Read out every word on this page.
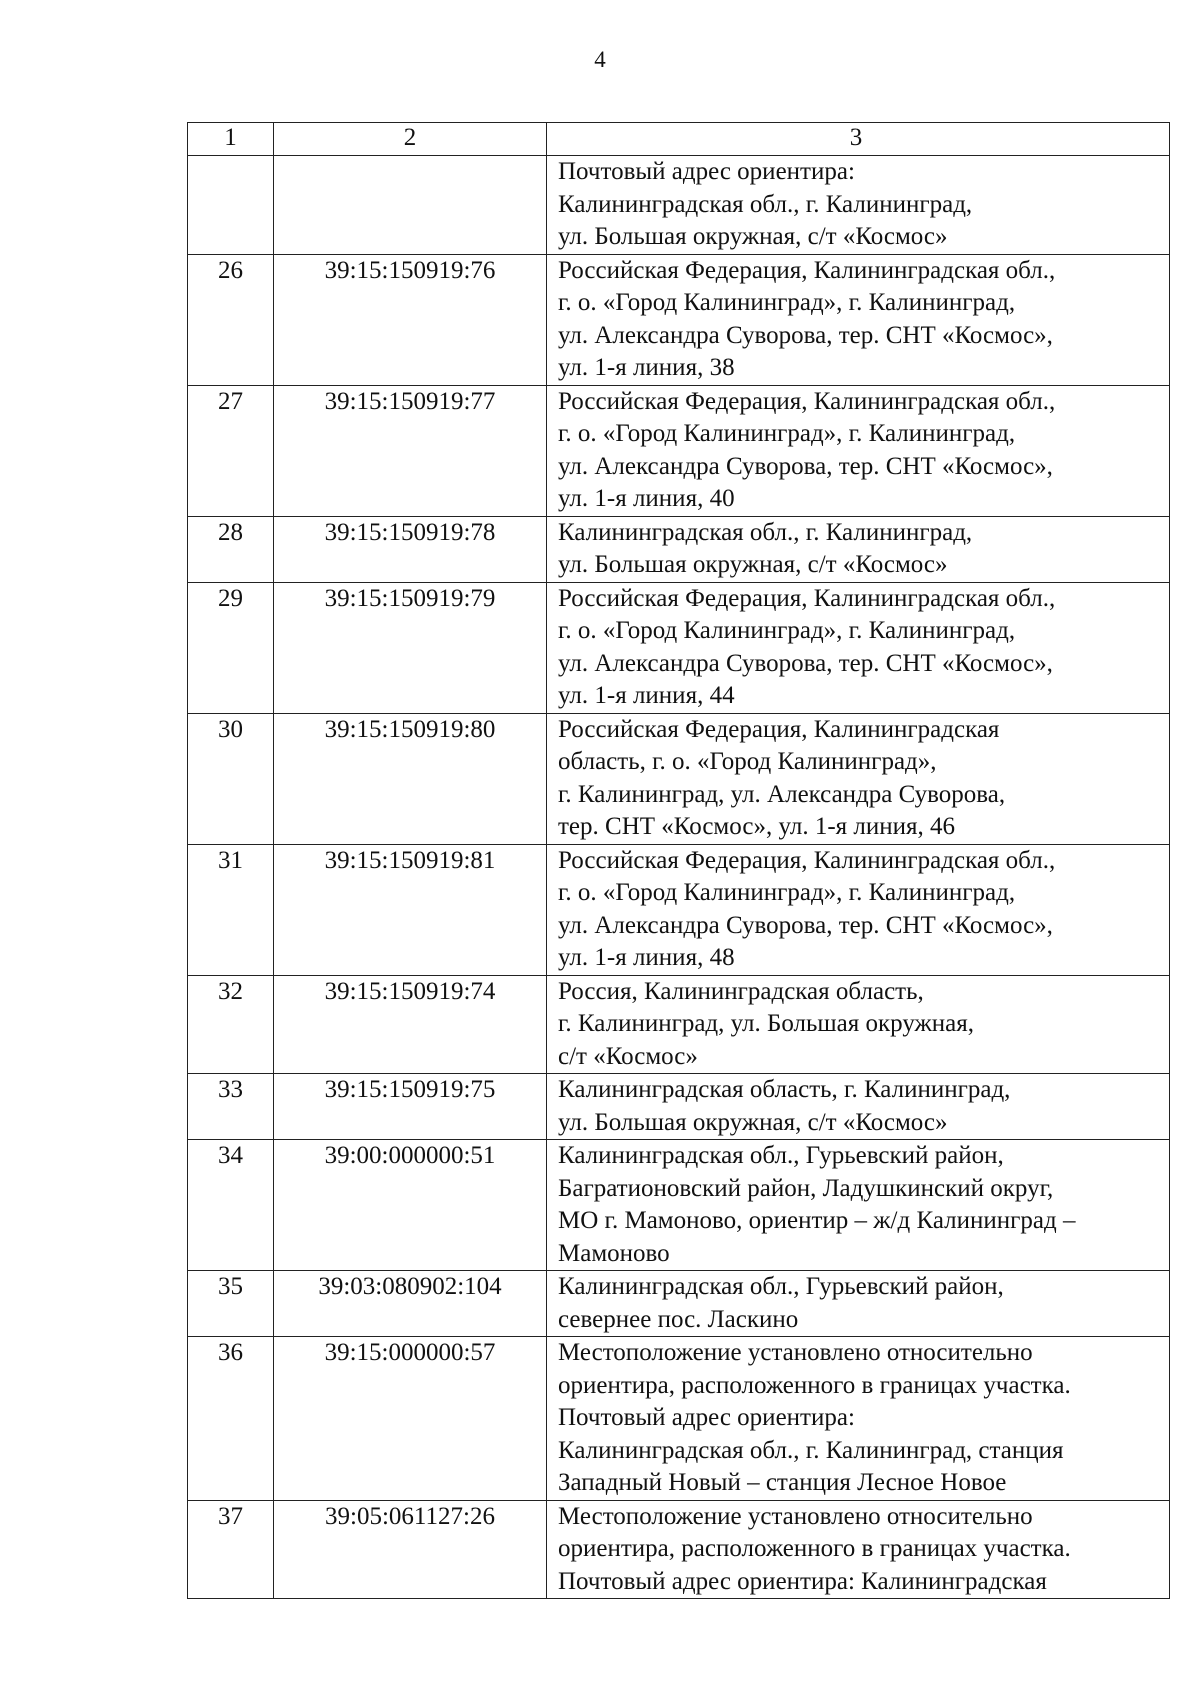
4
1	2	3

		Почтовый адрес ориентира:
Калининградская обл., г. Калининград,
ул. Большая окружная, с/т «Космос»

26	39:15:150919:76	Российская Федерация, Калининградская обл.,
г. о. «Город Калининград», г. Калининград,
ул. Александра Суворова, тер. СНТ «Космос»,
ул. 1-я линия, 38

27	39:15:150919:77	Российская Федерация, Калининградская обл.,
г. о. «Город Калининград», г. Калининград,
ул. Александра Суворова, тер. СНТ «Космос»,
ул. 1-я линия, 40

28	39:15:150919:78	Калининградская обл., г. Калининград,
ул. Большая окружная, с/т «Космос»

29	39:15:150919:79	Российская Федерация, Калининградская обл.,
г. о. «Город Калининград», г. Калининград,
ул. Александра Суворова, тер. СНТ «Космос»,
ул. 1-я линия, 44

30	39:15:150919:80	Российская Федерация, Калининградская
область, г. о. «Город Калининград»,
г. Калининград, ул. Александра Суворова,
тер. СНТ «Космос», ул. 1-я линия, 46

31	39:15:150919:81	Российская Федерация, Калининградская обл.,
г. о. «Город Калининград», г. Калининград,
ул. Александра Суворова, тер. СНТ «Космос»,
ул. 1-я линия, 48

32	39:15:150919:74	Россия, Калининградская область,
г. Калининград, ул. Большая окружная,
с/т «Космос»

33	39:15:150919:75	Калининградская область, г. Калининград,
ул. Большая окружная, с/т «Космос»

34	39:00:000000:51	Калининградская обл., Гурьевский район,
Багратионовский район, Ладушкинский округ,
МО г. Мамоново, ориентир – ж/д Калининград –
Мамоново

35	39:03:080902:104	Калининградская обл., Гурьевский район,
севернее пос. Ласкино

36	39:15:000000:57	Местоположение установлено относительно
ориентира, расположенного в границах участка.
Почтовый адрес ориентира:
Калининградская обл., г. Калининград, станция
Западный Новый – станция Лесное Новое

37	39:05:061127:26	Местоположение установлено относительно
ориентира, расположенного в границах участка.
Почтовый адрес ориентира: Калининградская
